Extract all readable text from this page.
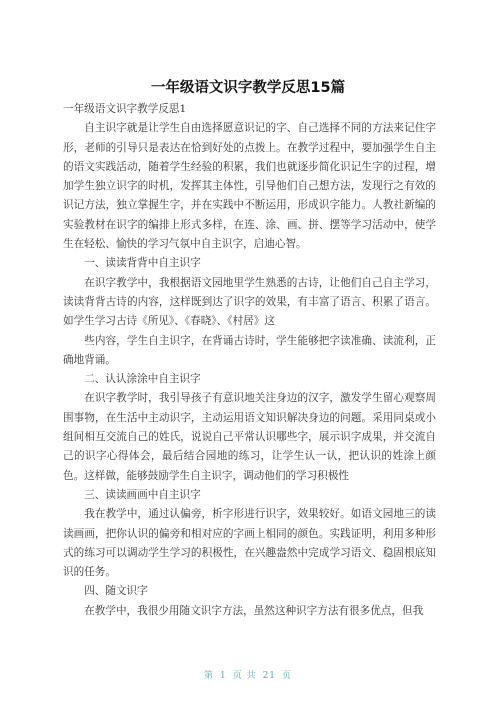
一年级语文识字教学反思15篇

一年级语文识字教学反思1

自主识字就是让学生自由选择愿意识记的字、自己选择不同的方法来记住字形，老师的引导只是表达在恰到好处的点拨上。在教学过程中，要加强学生自主的语文实践活动，随着学生经验的积累，我们也就逐步简化识记生字的过程，增加学生独立识字的时机，发挥其主体性，引导他们自己想方法，发现行之有效的识记方法，独立掌握生字，并在实践中不断运用，形成识字能力。人教社新编的实验教材在识字的编排上形式多样，在连、涂、画、拼、摆等学习活动中，使学生在轻松、愉快的学习气氛中自主识字，启迪心智。

一、读读背背中自主识字

在识字教学中，我根据语文园地里学生熟悉的古诗，让他们自己自主学习，读读背背古诗的内容，这样既到达了识字的效果，有丰富了语言、积累了语言。如学生学习古诗《所见》、《春晓》、《村居》这

些内容，学生自主识字，在背诵古诗时，学生能够把字读准确、读流利，正确地背诵。

二、认认涂涂中自主识字

在识字教学时，我引导孩子有意识地关注身边的汉字，激发学生留心观察周围事物，在生活中主动识字，主动运用语文知识解决身边的问题。采用同桌或小组间相互交流自己的姓氏，说说自己平常认识哪些字，展示识字成果，并交流自己的识字心得体会，最后结合园地的练习，让学生认一认，把认识的姓涂上颜色。这样做，能够鼓励学生自主识字，调动他们的学习积极性

三、读读画画中自主识字

我在教学中，通过认偏旁，析字形进行识字，效果较好。如语文园地三的读读画画，把你认识的偏旁和相对应的字画上相同的颜色。实践证明，利用多种形式的练习可以调动学生学习的积极性，在兴趣盎然中完成学习语文、稳固根底知识的任务。

四、随文识字

在教学中，我很少用随文识字方法，虽然这种识字方法有很多优点，但我

第 1 页 共 21 页
